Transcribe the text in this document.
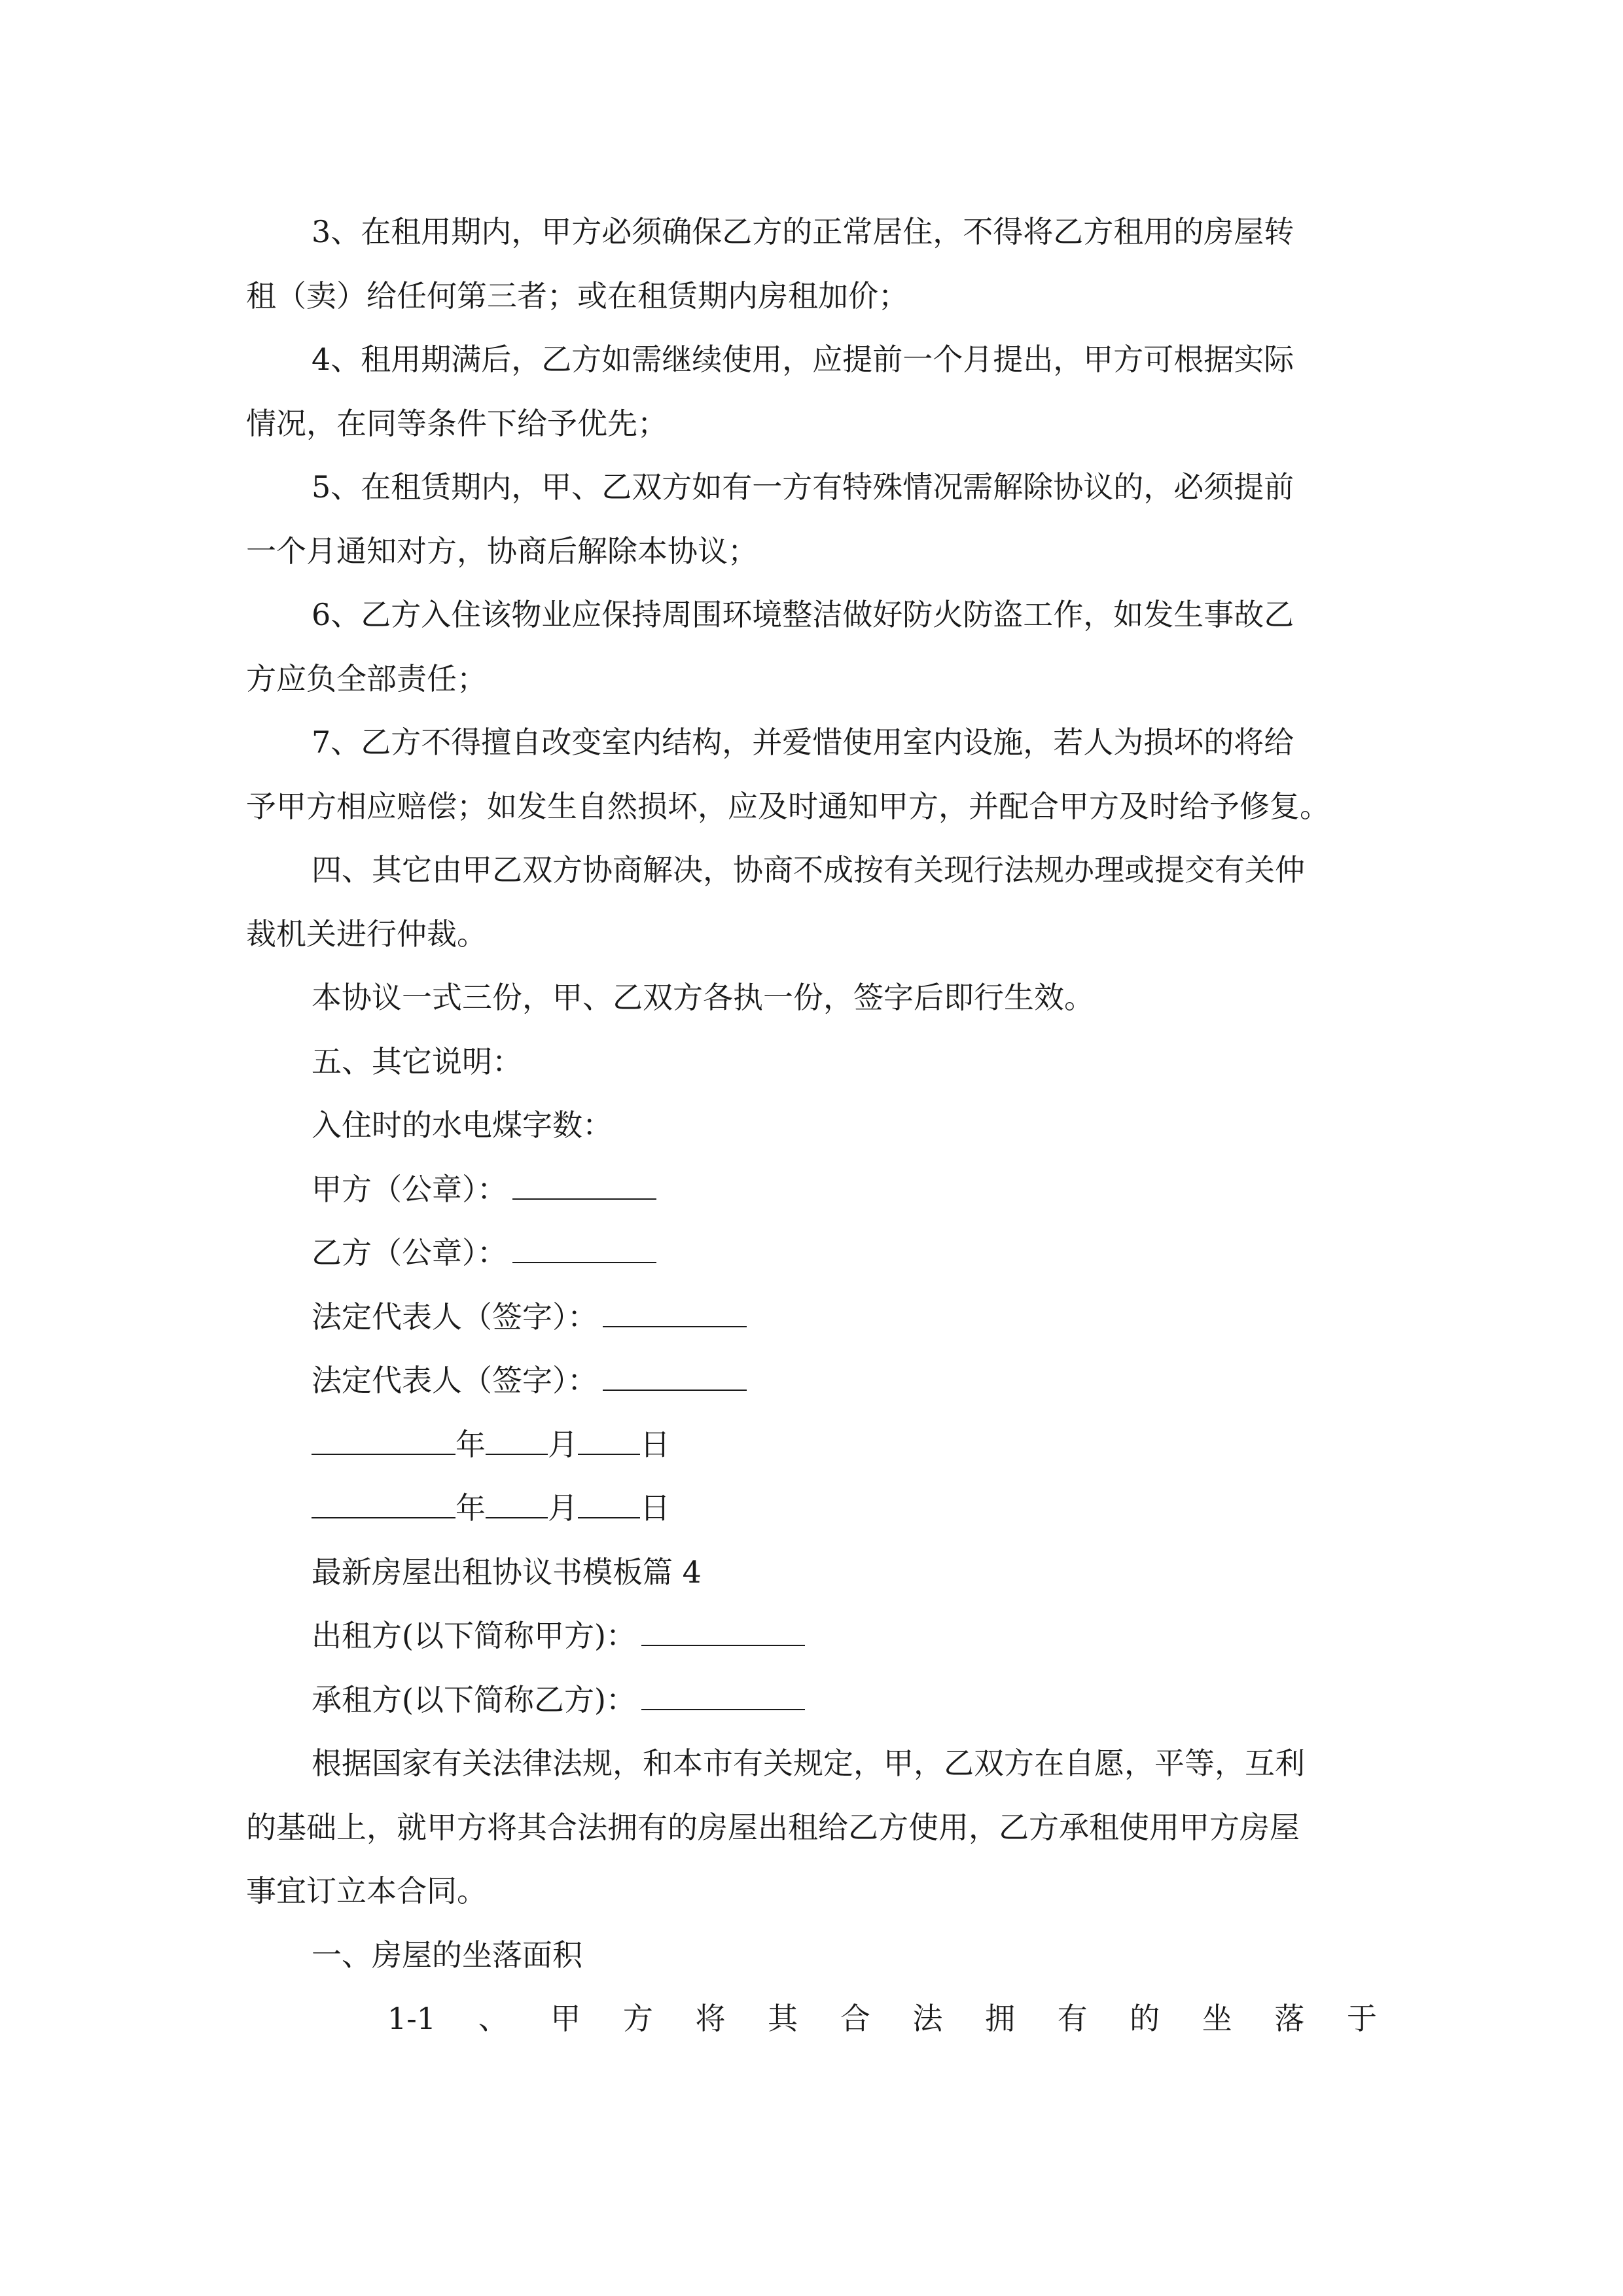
3、在租用期内，甲方必须确保乙方的正常居住，不得将乙方租用的房屋转
租（卖）给任何第三者；或在租赁期内房租加价；
4、租用期满后，乙方如需继续使用，应提前一个月提出，甲方可根据实际
情况，在同等条件下给予优先；
5、在租赁期内，甲、乙双方如有一方有特殊情况需解除协议的，必须提前
一个月通知对方，协商后解除本协议；
6、乙方入住该物业应保持周围环境整洁做好防火防盗工作，如发生事故乙
方应负全部责任；
7、乙方不得擅自改变室内结构，并爱惜使用室内设施，若人为损坏的将给
予甲方相应赔偿；如发生自然损坏，应及时通知甲方，并配合甲方及时给予修复。
四、其它由甲乙双方协商解决，协商不成按有关现行法规办理或提交有关仲
裁机关进行仲裁。
本协议一式三份，甲、乙双方各执一份，签字后即行生效。
五、其它说明：
入住时的水电煤字数：
甲方（公章）：
乙方（公章）：
法定代表人（签字）：
法定代表人（签字）：
年 月 日
年 月 日
最新房屋出租协议书模板篇 4
出租方(以下简称甲方)：
承租方(以下简称乙方)：
根据国家有关法律法规，和本市有关规定，甲，乙双方在自愿，平等，互利
的基础上，就甲方将其合法拥有的房屋出租给乙方使用，乙方承租使用甲方房屋
事宜订立本合同。
一、房屋的坐落面积
1-1 、 甲 方 将 其 合 法 拥 有 的 坐 落 于
